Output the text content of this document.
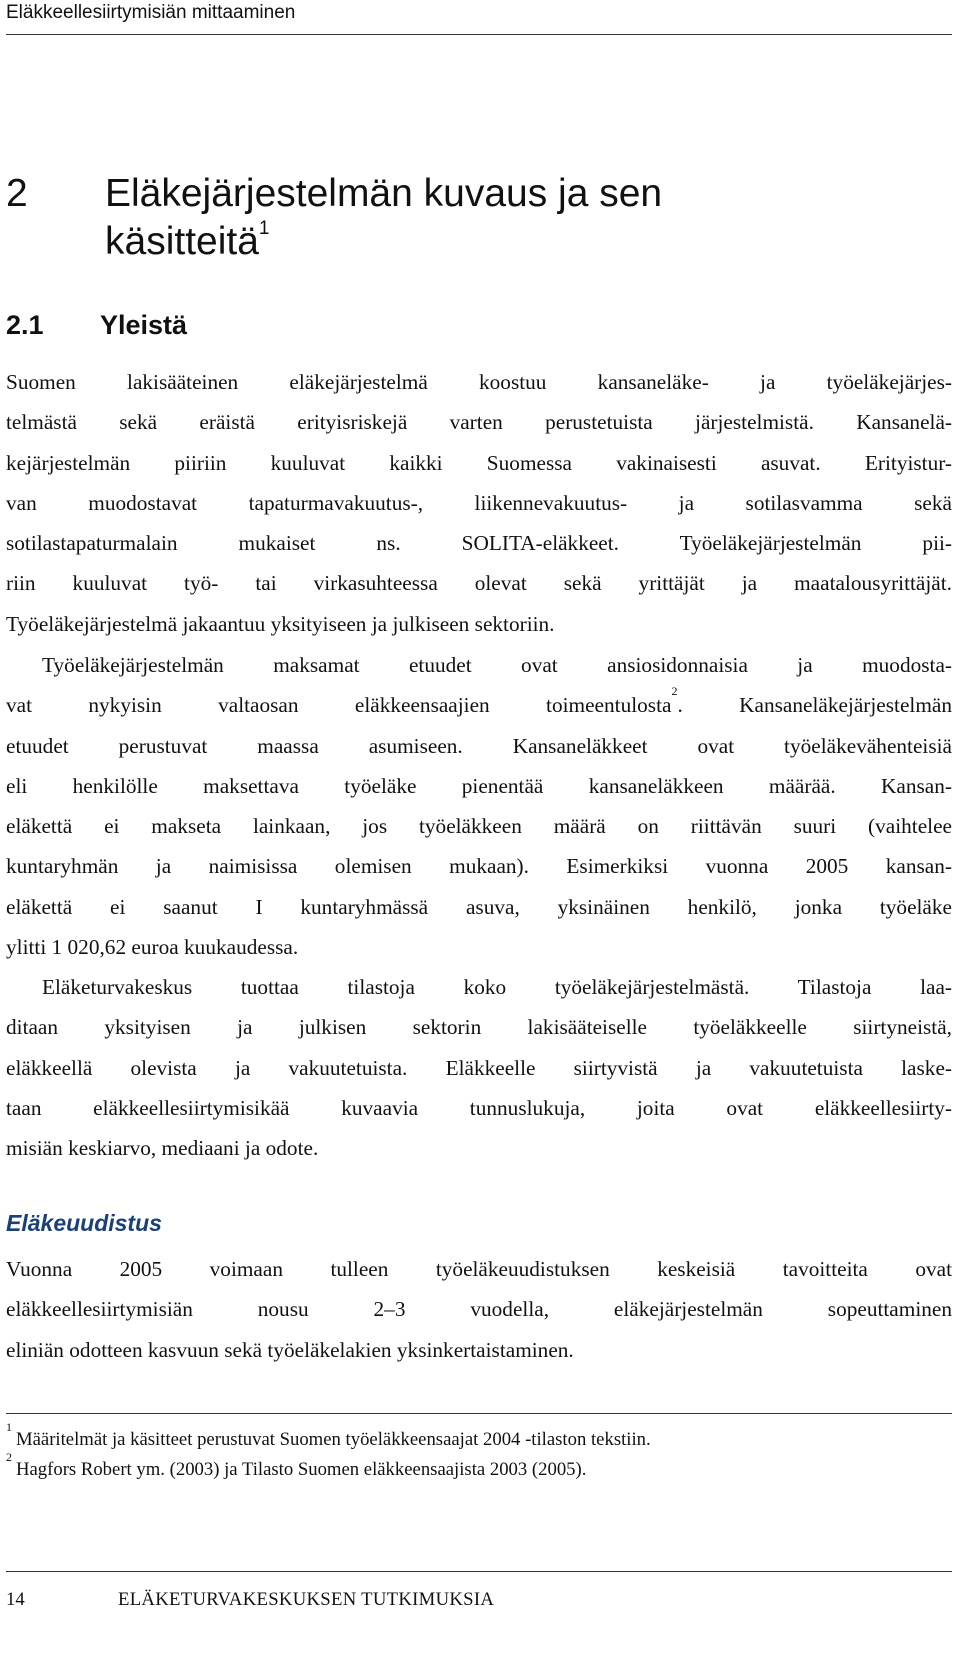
Eläkkeellesiirtymisiän mittaaminen
2	Eläkejärjestelmän kuvaus ja sen
käsitteitä$^1$
2.1 Yleistä
Suomen lakisääteinen eläkejärjestelmä koostuu kansaneläke- ja työeläkejärjes-
telmästä sekä eräistä erityisriskejä varten perustetuista järjestelmistä. Kansanelä-
kejärjestelmän piiriin kuuluvat kaikki Suomessa vakinaisesti asuvat. Erityistur-
van muodostavat tapaturmavakuutus-, liikennevakuutus- ja sotilasvamma sekä
sotilastapaturmalain mukaiset ns. SOLITA-eläkkeet. Työeläkejärjestelmän pii-
riin kuuluvat työ- tai virkasuhteessa olevat sekä yrittäjät ja maatalousyrittäjät.
Työeläkejärjestelmä jakaantuu yksityiseen ja julkiseen sektoriin.
Työeläkejärjestelmän maksamat etuudet ovat ansiosidonnaisia ja muodosta-
vat nykyisin valtaosan eläkkeensaajien toimeentulosta$^2$. Kansaneläkejärjestelmän
etuudet perustuvat maassa asumiseen. Kansaneläkkeet ovat työeläkevähenteisiä
eli henkilölle maksettava työeläke pienentää kansaneläkkeen määrää. Kansan-
eläkettä ei makseta lainkaan, jos työeläkkeen määrä on riittävän suuri (vaihtelee
kuntaryhmän ja naimisissa olemisen mukaan). Esimerkiksi vuonna 2005 kansan-
eläkettä ei saanut I kuntaryhmässä asuva, yksinäinen henkilö, jonka työeläke
ylitti 1 020,62 euroa kuukaudessa.
Eläketurvakeskus tuottaa tilastoja koko työeläkejärjestelmästä. Tilastoja laa-
ditaan yksityisen ja julkisen sektorin lakisääteiselle työeläkkeelle siirtyneistä,
eläkkeellä olevista ja vakuutetuista. Eläkkeelle siirtyvistä ja vakuutetuista laske-
taan eläkkeellesiirtymisikää kuvaavia tunnuslukuja, joita ovat eläkkeellesiirty-
misiän keskiarvo, mediaani ja odote.
Eläkeuudistus
Vuonna 2005 voimaan tulleen työeläkeuudistuksen keskeisiä tavoitteita ovat
eläkkeellesiirtymisiän nousu 2–3 vuodella, eläkejärjestelmän sopeuttaminen
eliniän odotteen kasvuun sekä työeläkelakien yksinkertaistaminen.
$^1$Määritelmät ja käsitteet perustuvat Suomen työeläkkeensaajat 2004 -tilaston tekstiin.
$^2$Hagfors Robert ym. (2003) ja Tilasto Suomen eläkkeensaajista 2003 (2005).
14	ELÄKETURVAKESKUKSEN TUTKIMUKSIA
